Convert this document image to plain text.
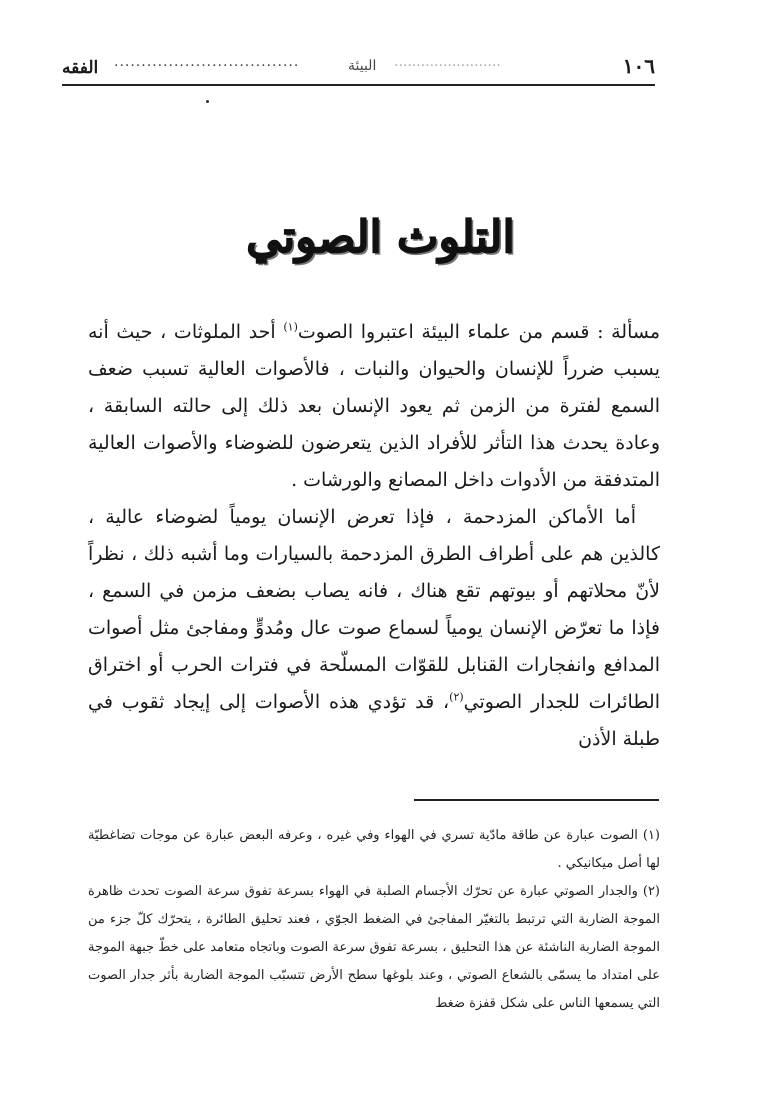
الفقه ..................................	البيئة	........................	١٠٦
التلوث الصوتي

مسألة : قسم من علماء البيئة اعتبروا الصوت$^{(١)}$ أحد الملوثات ، حيث أنه يسبب ضرراً للإنسان والحيوان والنبات ، فالأصوات العالية تسبب ضعف السمع لفترة من الزمن ثم يعود الإنسان بعد ذلك إلى حالته السابقة ، وعادة يحدث هذا التأثر للأفراد الذين يتعرضون للضوضاء والأصوات العالية المتدفقة من الأدوات داخل المصانع والورشات .

أما الأماكن المزدحمة ، فإذا تعرض الإنسان يومياً لضوضاء عالية ، كالذين هم على أطراف الطرق المزدحمة بالسيارات وما أشبه ذلك ، نظراً لأنّ محلاتهم أو بيوتهم تقع هناك ، فانه يصاب بضعف مزمن في السمع ، فإذا ما تعرّض الإنسان يومياً لسماع صوت عال ومُدوٍّ ومفاجئ مثل أصوات المدافع وانفجارات القنابل للقوّات المسلّحة في فترات الحرب أو اختراق الطائرات للجدار الصوتي$^{(٢)}$، قد تؤدي هذه الأصوات إلى إيجاد ثقوب في طبلة الأذن

(١) الصوت عبارة عن طاقة مادّية تسري في الهواء وفي غيره ، وعرفه البعض عبارة عن موجات تضاغطيّة لها أصل ميكانيكي .

(٢) والجدار الصوتي عبارة عن تحرّك الأجسام الصلبة في الهواء بسرعة تفوق سرعة الصوت تحدث ظاهرة الموجة الضاربة التي ترتبط بالتغيّر المفاجئ في الضغط الجوّي ، فعند تحليق الطائرة ، يتحرّك كلّ جزء من الموجة الضاربة الناشئة عن هذا التحليق ، بسرعة تفوق سرعة الصوت وباتجاه متعامد على خطّ جبهة الموجة على امتداد ما يسمّى بالشعاع الصوتي ، وعند بلوغها سطح الأرض تتسبّب الموجة الضاربة بأثر جدار الصوت التي يسمعها الناس على شكل قفزة ضغط
